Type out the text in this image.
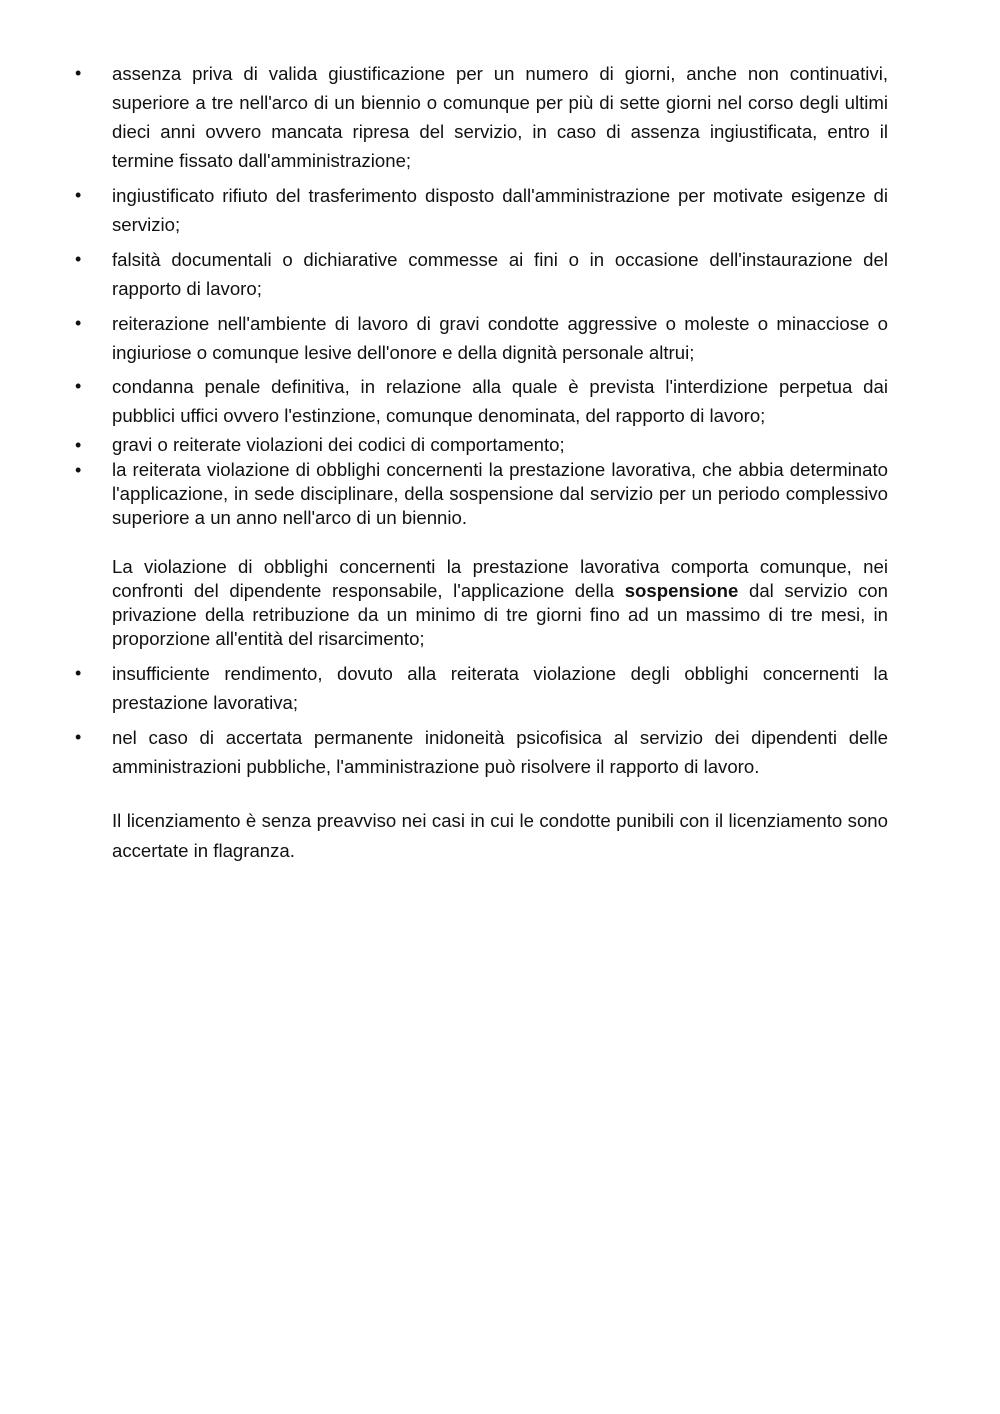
• assenza priva di valida giustificazione per un numero di giorni, anche non continuativi, superiore a tre nell'arco di un biennio o comunque per più di sette giorni nel corso degli ultimi dieci anni ovvero mancata ripresa del servizio, in caso di assenza ingiustificata, entro il termine fissato dall'amministrazione;
• ingiustificato rifiuto del trasferimento disposto dall'amministrazione per motivate esigenze di servizio;
• falsità documentali o dichiarative commesse ai fini o in occasione dell'instaurazione del rapporto di lavoro;
• reiterazione nell'ambiente di lavoro di gravi condotte aggressive o moleste o minacciose o ingiuriose o comunque lesive dell'onore e della dignità personale altrui;
• condanna penale definitiva, in relazione alla quale è prevista l'interdizione perpetua dai pubblici uffici ovvero l'estinzione, comunque denominata, del rapporto di lavoro;
• gravi o reiterate violazioni dei codici di comportamento;
• la reiterata violazione di obblighi concernenti la prestazione lavorativa, che abbia determinato l'applicazione, in sede disciplinare, della sospensione dal servizio per un periodo complessivo superiore a un anno nell'arco di un biennio.
La violazione di obblighi concernenti la prestazione lavorativa comporta comunque, nei confronti del dipendente responsabile, l'applicazione della sospensione dal servizio con privazione della retribuzione da un minimo di tre giorni fino ad un massimo di tre mesi, in proporzione all'entità del risarcimento;
• insufficiente rendimento, dovuto alla reiterata violazione degli obblighi concernenti la prestazione lavorativa;
• nel caso di accertata permanente inidoneità psicofisica al servizio dei dipendenti delle amministrazioni pubbliche, l'amministrazione può risolvere il rapporto di lavoro.
Il licenziamento è senza preavviso nei casi in cui le condotte punibili con il licenziamento sono accertate in flagranza.
